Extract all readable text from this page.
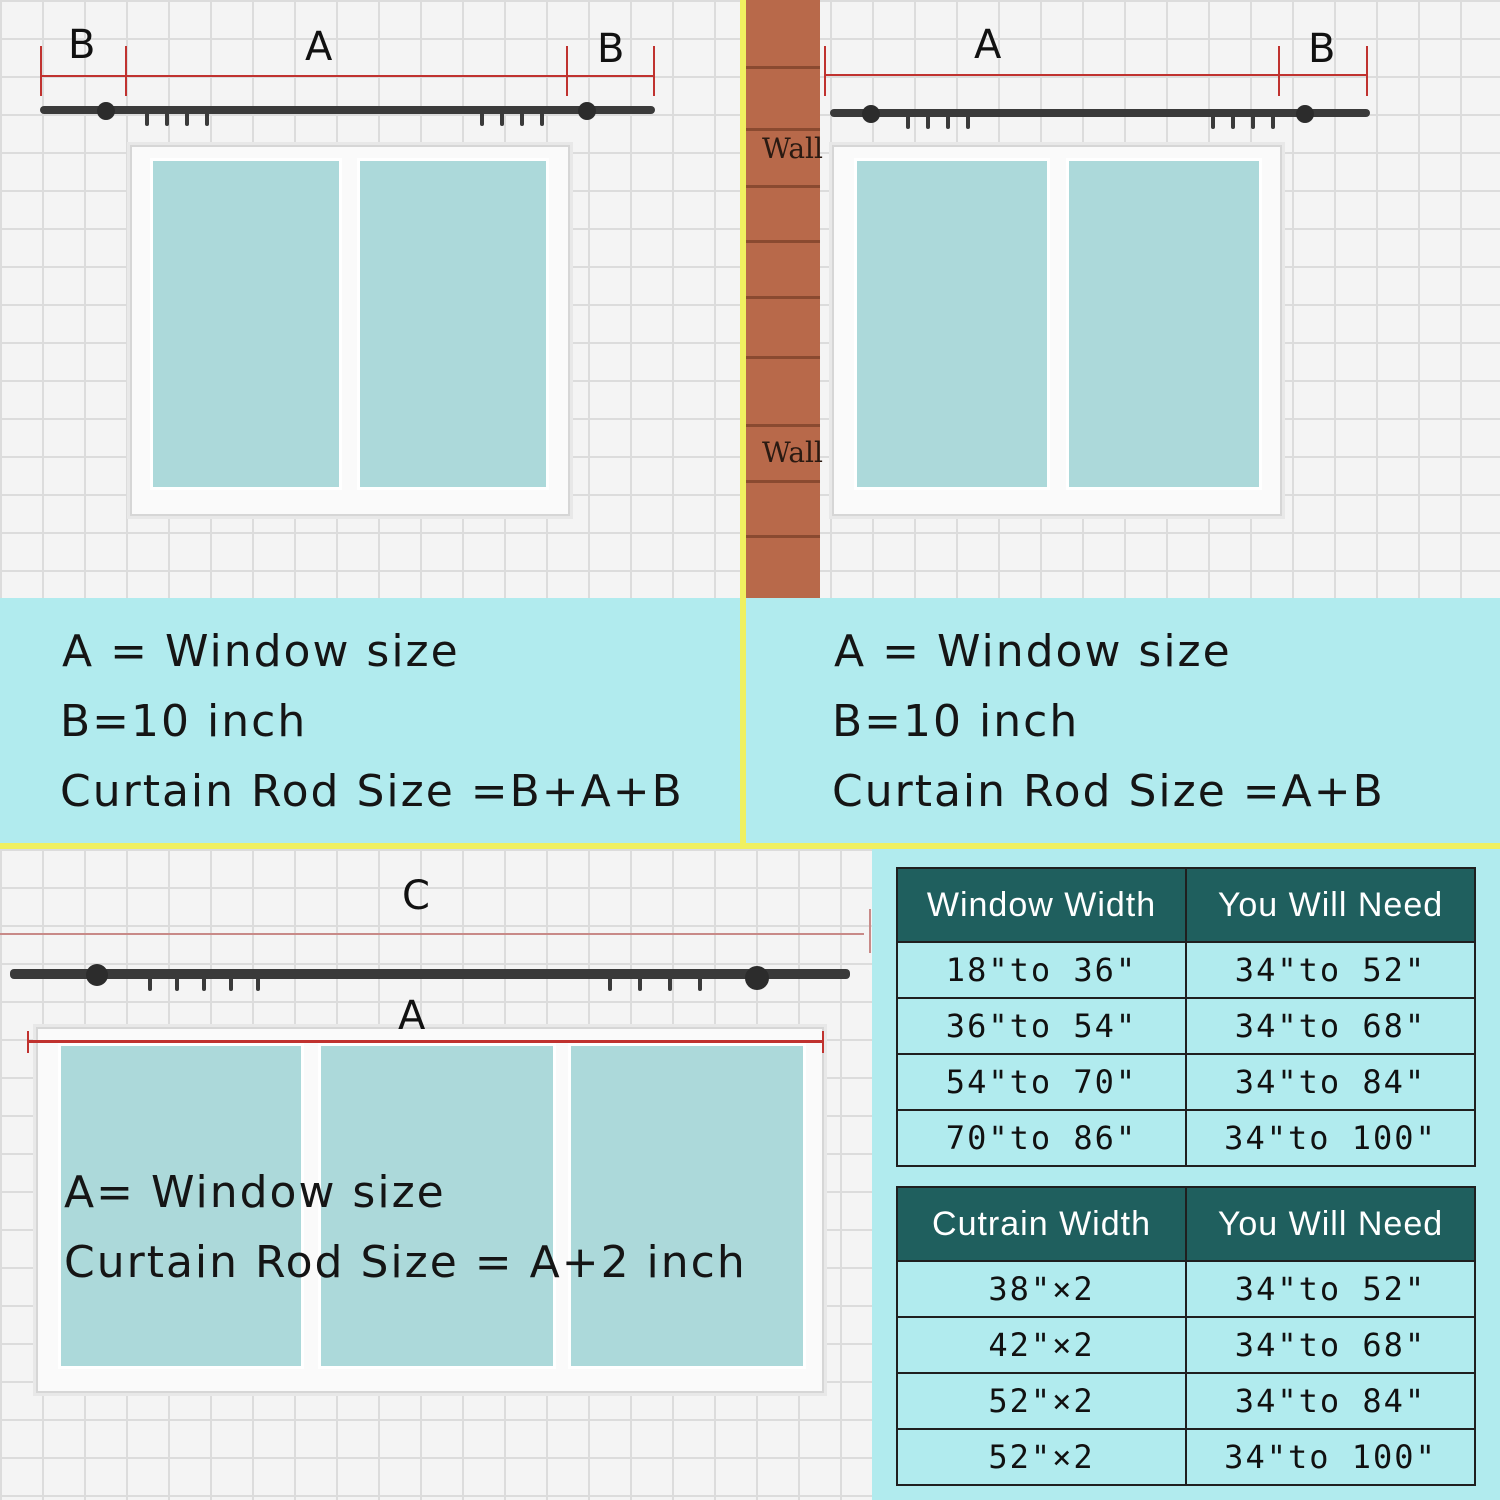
B	A	B
Wall
Wall
A	B
A = Window size
B=10 inch
Curtain Rod Size =B+A+B
A = Window size
B=10 inch
Curtain Rod Size =A+B
C
A
A= Window size
Curtain Rod Size = A+2 inch
Window Width	You Will Need
18"to 36"	34"to 52"
36"to 54"	34"to 68"
54"to 70"	34"to 84"
70"to 86"	34"to 100"
Cutrain Width	You Will Need
38"×2	34"to 52"
42"×2	34"to 68"
52"×2	34"to 84"
52"×2	34"to 100"
